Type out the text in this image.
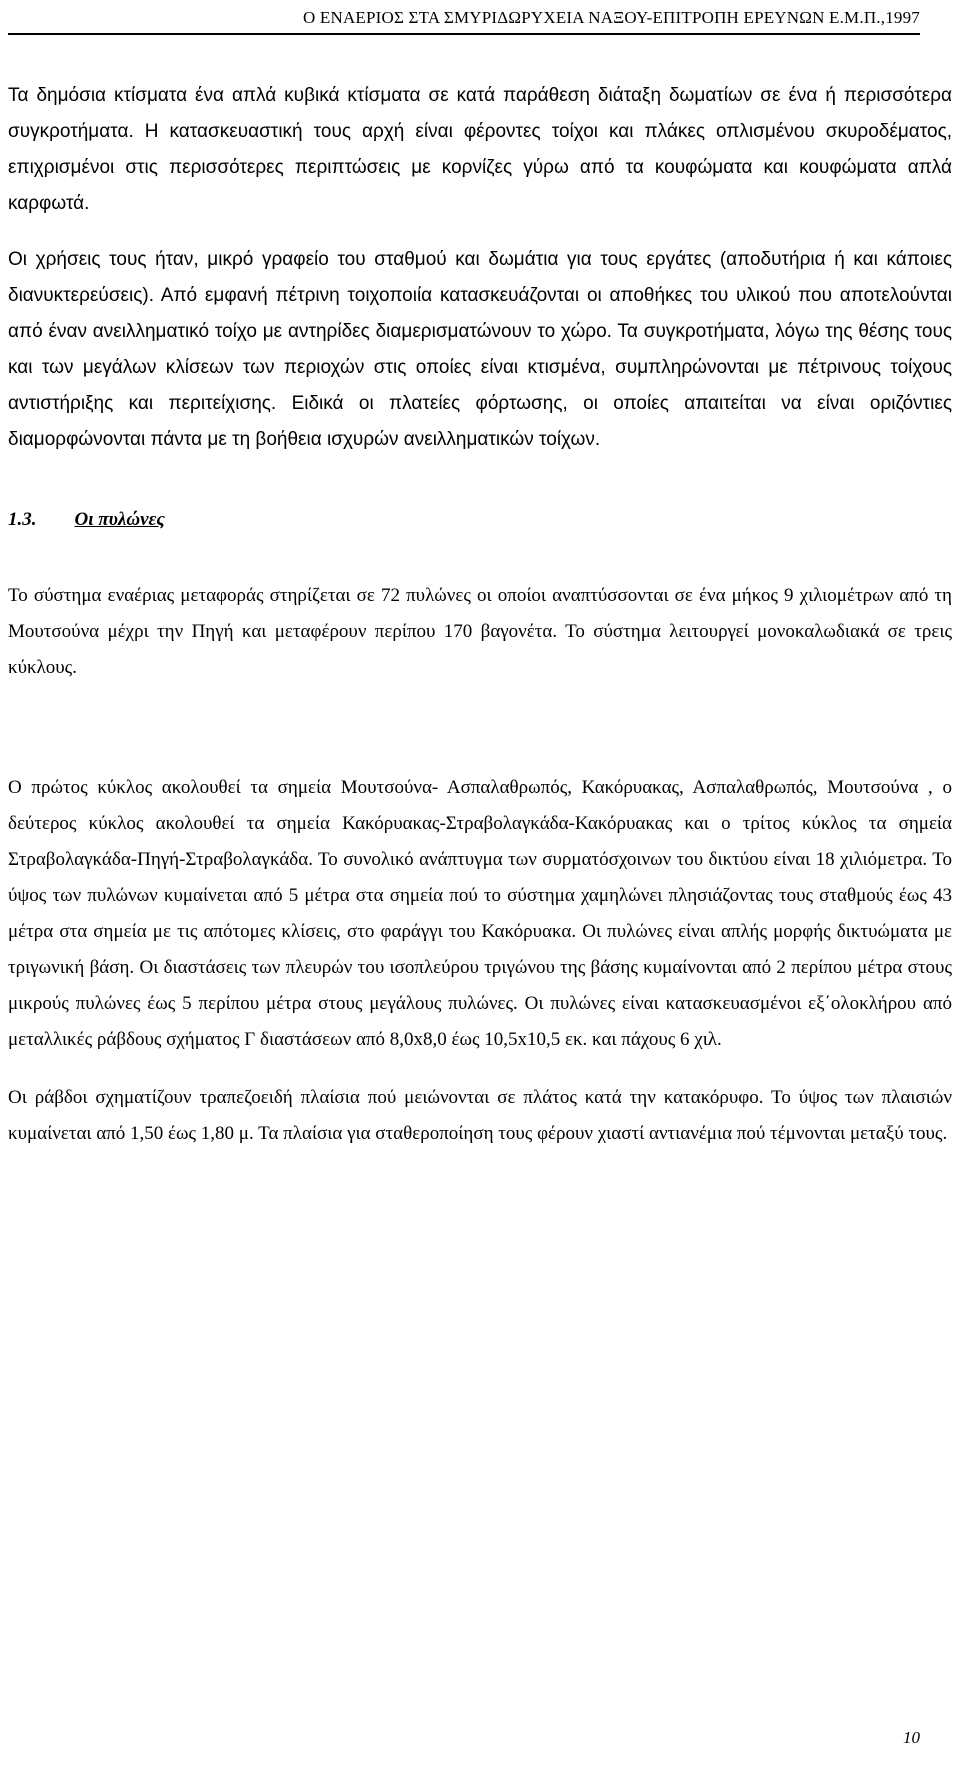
Ο ΕΝΑΕΡΙΟΣ ΣΤΑ ΣΜΥΡΙΔΩΡΥΧΕΙΑ ΝΑΞΟΥ-ΕΠΙΤΡΟΠΗ ΕΡΕΥΝΩΝ Ε.Μ.Π.,1997

Τα δημόσια κτίσματα ένα απλά κυβικά κτίσματα σε κατά παράθεση διάταξη δωματίων σε ένα ή περισσότερα συγκροτήματα. Η κατασκευαστική τους αρχή είναι φέροντες τοίχοι και πλάκες οπλισμένου σκυροδέματος, επιχρισμένοι στις περισσότερες περιπτώσεις με κορνίζες γύρω από τα κουφώματα και κουφώματα απλά καρφωτά.

Οι χρήσεις τους ήταν, μικρό γραφείο του σταθμού και δωμάτια για τους εργάτες (αποδυτήρια ή και κάποιες διανυκτερεύσεις). Από εμφανή πέτρινη τοιχοποιία κατασκευάζονται οι αποθήκες του υλικού που αποτελούνται από έναν ανειλληματικό τοίχο με αντηρίδες διαμερισματώνουν το χώρο. Τα συγκροτήματα, λόγω της θέσης τους και των μεγάλων κλίσεων των περιοχών στις οποίες είναι κτισμένα, συμπληρώνονται με πέτρινους τοίχους αντιστήριξης και περιτείχισης. Ειδικά οι πλατείες φόρτωσης, οι οποίες απαιτείται να είναι οριζόντιες διαμορφώνονται πάντα με τη βοήθεια ισχυρών ανειλληματικών τοίχων.

1.3. Οι πυλώνες

Το σύστημα εναέριας μεταφοράς στηρίζεται σε 72 πυλώνες οι οποίοι αναπτύσσονται σε ένα μήκος 9 χιλιομέτρων από τη Μουτσούνα μέχρι την Πηγή και μεταφέρουν περίπου 170 βαγονέτα. Το σύστημα λειτουργεί μονοκαλωδιακά σε τρεις κύκλους.

Ο πρώτος κύκλος ακολουθεί τα σημεία Μουτσούνα- Ασπαλαθρωπός, Κακόρυακας, Ασπαλαθρωπός, Μουτσούνα , ο δεύτερος κύκλος ακολουθεί τα σημεία Κακόρυακας-Στραβολαγκάδα-Κακόρυακας και ο τρίτος κύκλος τα σημεία Στραβολαγκάδα-Πηγή-Στραβολαγκάδα. Το συνολικό ανάπτυγμα των συρματόσχοινων του δικτύου είναι 18 χιλιόμετρα. Το ύψος των πυλώνων κυμαίνεται από 5 μέτρα στα σημεία πού το σύστημα χαμηλώνει πλησιάζοντας τους σταθμούς έως 43 μέτρα στα σημεία με τις απότομες κλίσεις, στο φαράγγι του Κακόρυακα. Οι πυλώνες είναι απλής μορφής δικτυώματα με τριγωνική βάση. Οι διαστάσεις των πλευρών του ισοπλεύρου τριγώνου της βάσης κυμαίνονται από 2 περίπου μέτρα στους μικρούς πυλώνες έως 5 περίπου μέτρα στους μεγάλους πυλώνες. Οι πυλώνες είναι κατασκευασμένοι εξ΄ολοκλήρου από μεταλλικές ράβδους σχήματος Γ διαστάσεων από 8,0x8,0 έως 10,5x10,5 εκ. και πάχους 6 χιλ.

Οι ράβδοι σχηματίζουν τραπεζοειδή πλαίσια πού μειώνονται σε πλάτος κατά την κατακόρυφο. Το ύψος των πλαισιών κυμαίνεται από 1,50 έως 1,80 μ. Τα πλαίσια για σταθεροποίηση τους φέρουν χιαστί αντιανέμια πού τέμνονται μεταξύ τους.

10
